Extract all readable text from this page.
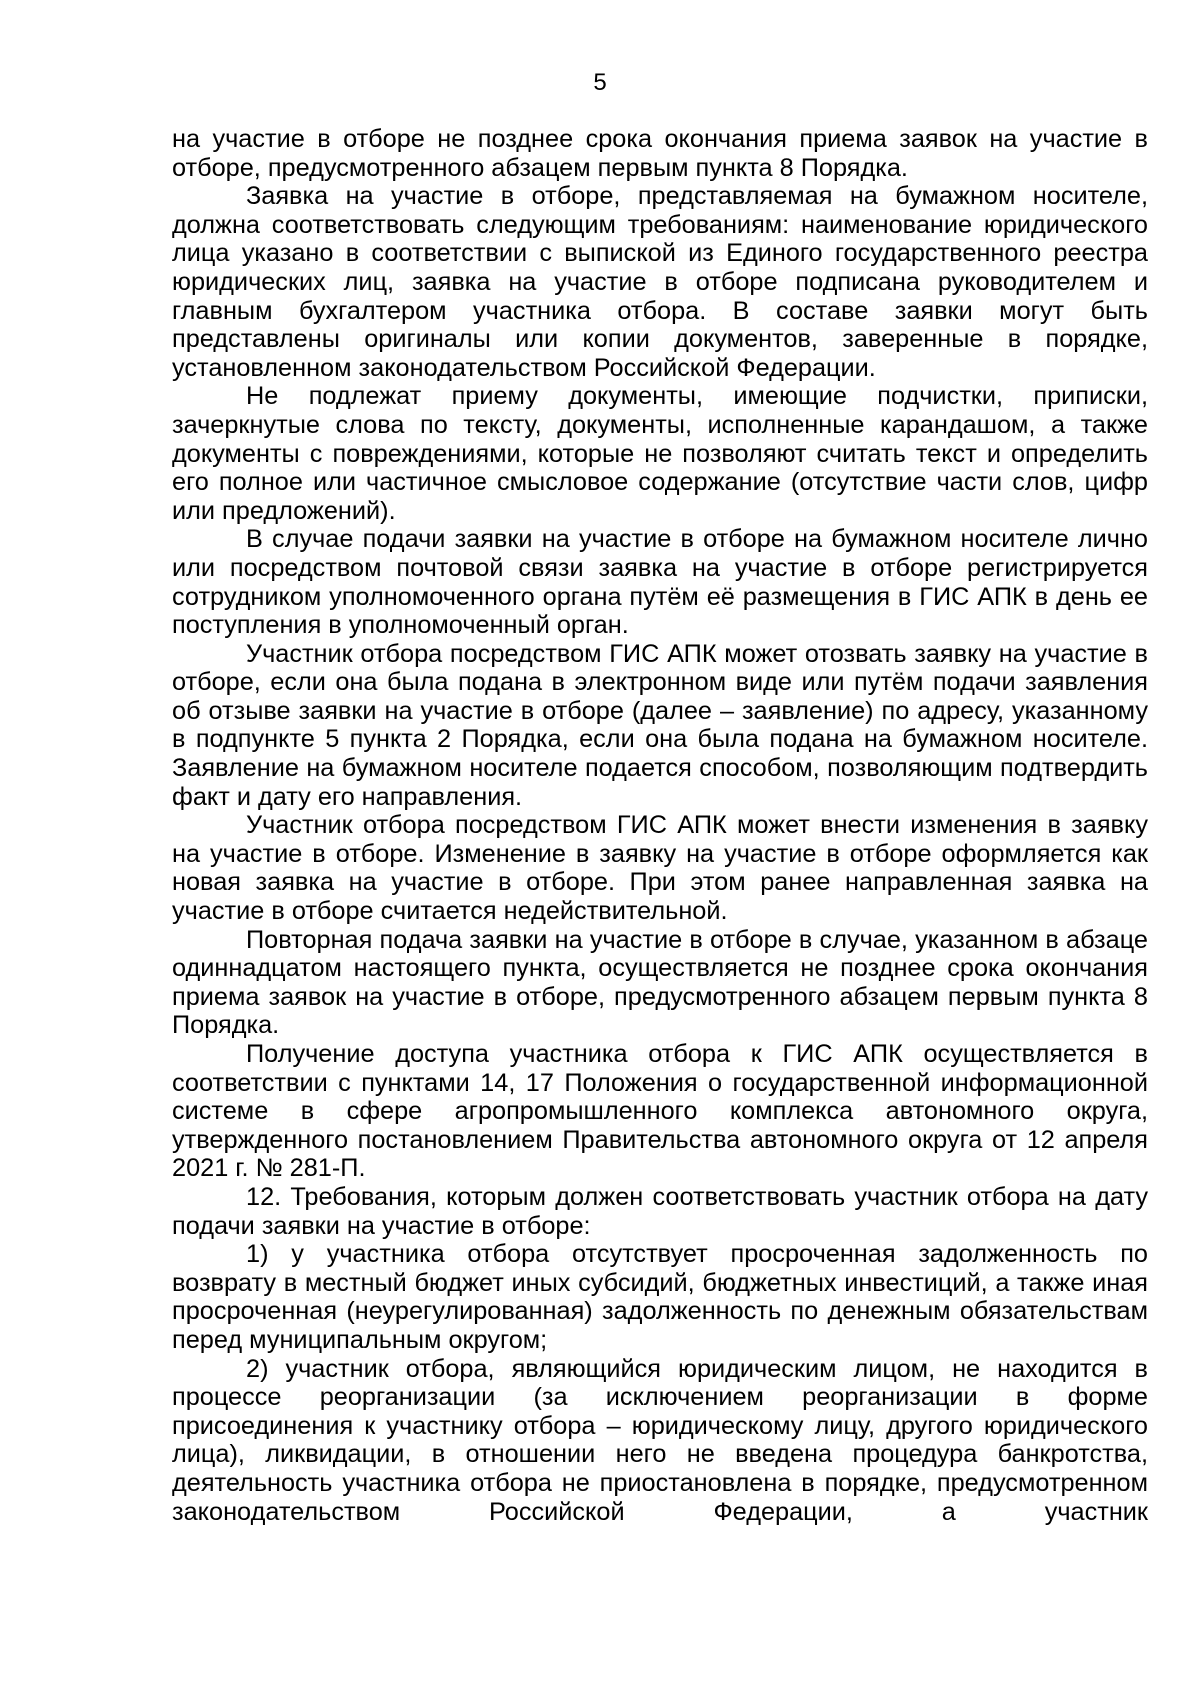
5

на участие в отборе не позднее срока окончания приема заявок на участие в отборе, предусмотренного абзацем первым пункта 8 Порядка.

Заявка на участие в отборе, представляемая на бумажном носителе, должна соответствовать следующим требованиям: наименование юридического лица указано в соответствии с выпиской из Единого государственного реестра юридических лиц, заявка на участие в отборе подписана руководителем и главным бухгалтером участника отбора. В составе заявки могут быть представлены оригиналы или копии документов, заверенные в порядке, установленном законодательством Российской Федерации.

Не подлежат приему документы, имеющие подчистки, приписки, зачеркнутые слова по тексту, документы, исполненные карандашом, а также документы с повреждениями, которые не позволяют считать текст и определить его полное или частичное смысловое содержание (отсутствие части слов, цифр или предложений).

В случае подачи заявки на участие в отборе на бумажном носителе лично или посредством почтовой связи заявка на участие в отборе регистрируется сотрудником уполномоченного органа путём её размещения в ГИС АПК в день ее поступления в уполномоченный орган.

Участник отбора посредством ГИС АПК может отозвать заявку на участие в отборе, если она была подана в электронном виде или путём подачи заявления об отзыве заявки на участие в отборе (далее – заявление) по адресу, указанному в подпункте 5 пункта 2 Порядка, если она была подана на бумажном носителе. Заявление на бумажном носителе подается способом, позволяющим подтвердить факт и дату его направления.

Участник отбора посредством ГИС АПК может внести изменения в заявку на участие в отборе. Изменение в заявку на участие в отборе оформляется как новая заявка на участие в отборе. При этом ранее направленная заявка на участие в отборе считается недействительной.

Повторная подача заявки на участие в отборе в случае, указанном в абзаце одиннадцатом настоящего пункта, осуществляется не позднее срока окончания приема заявок на участие в отборе, предусмотренного абзацем первым пункта 8 Порядка.

Получение доступа участника отбора к ГИС АПК осуществляется в соответствии с пунктами 14, 17 Положения о государственной информационной системе в сфере агропромышленного комплекса автономного округа, утвержденного постановлением Правительства автономного округа от 12 апреля 2021 г. № 281-П.

12. Требования, которым должен соответствовать участник отбора на дату подачи заявки на участие в отборе:

1) у участника отбора отсутствует просроченная задолженность по возврату в местный бюджет иных субсидий, бюджетных инвестиций, а также иная просроченная (неурегулированная) задолженность по денежным обязательствам перед муниципальным округом;

2) участник отбора, являющийся юридическим лицом, не находится в процессе реорганизации (за исключением реорганизации в форме присоединения к участнику отбора – юридическому лицу, другого юридического лица), ликвидации, в отношении него не введена процедура банкротства, деятельность участника отбора не приостановлена в порядке, предусмотренном законодательством Российской Федерации, а участник
